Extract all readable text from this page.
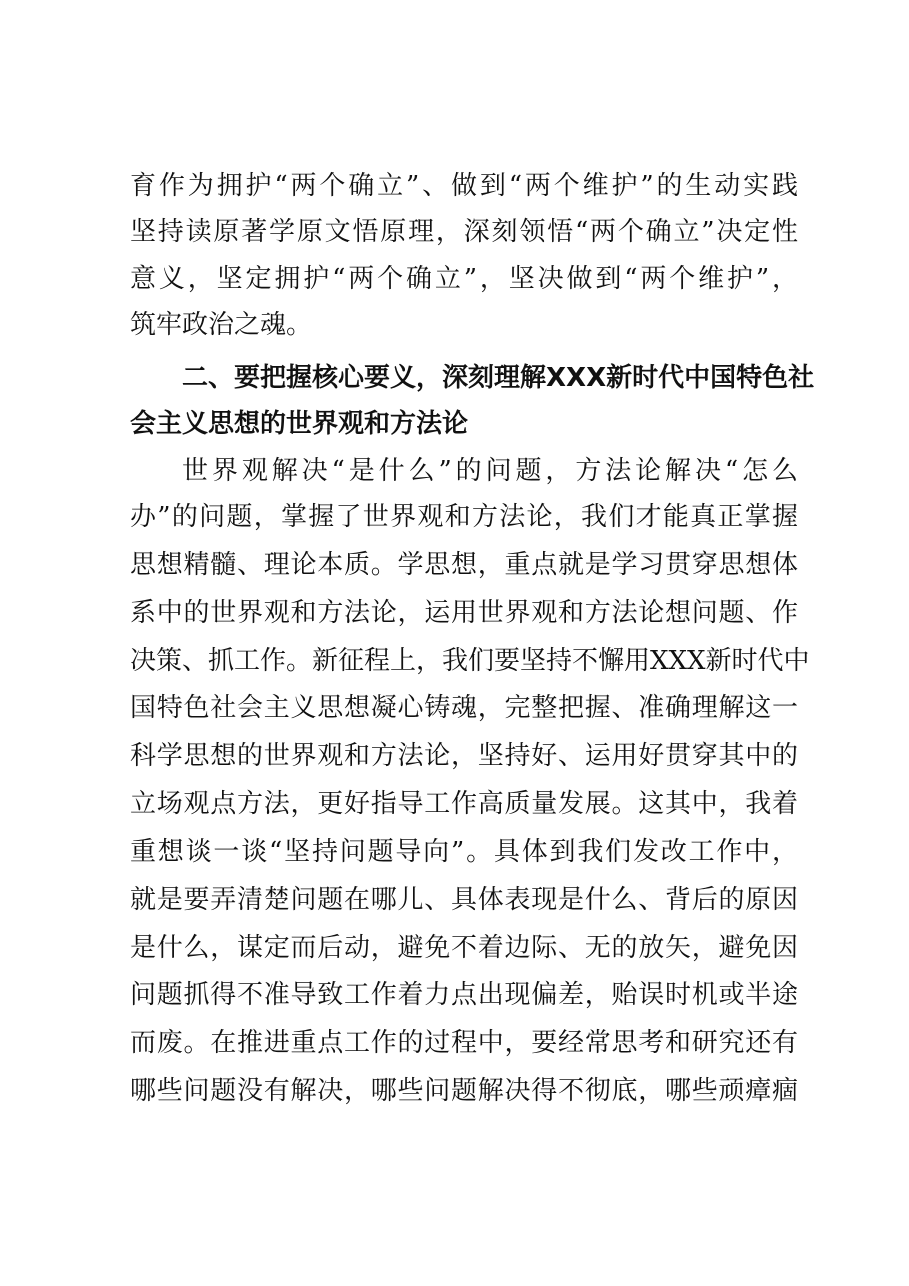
育作为拥护“两个确立”、做到“两个维护”的生动实践

坚持读原著学原文悟原理，深刻领悟“两个确立”决定性

意义，坚定拥护“两个确立”，坚决做到“两个维护”，

筑牢政治之魂。

二、要把握核心要义，深刻理解XXX新时代中国特色社

会主义思想的世界观和方法论

世界观解决“是什么”的问题，方法论解决“怎么

办”的问题，掌握了世界观和方法论，我们才能真正掌握

思想精髓、理论本质。学思想，重点就是学习贯穿思想体

系中的世界观和方法论，运用世界观和方法论想问题、作

决策、抓工作。新征程上，我们要坚持不懈用XXX新时代中

国特色社会主义思想凝心铸魂，完整把握、准确理解这一

科学思想的世界观和方法论，坚持好、运用好贯穿其中的

立场观点方法，更好指导工作高质量发展。这其中，我着

重想谈一谈“坚持问题导向”。具体到我们发改工作中，

就是要弄清楚问题在哪儿、具体表现是什么、背后的原因

是什么，谋定而后动，避免不着边际、无的放矢，避免因

问题抓得不准导致工作着力点出现偏差，贻误时机或半途

而废。在推进重点工作的过程中，要经常思考和研究还有

哪些问题没有解决，哪些问题解决得不彻底，哪些顽瘴痼
